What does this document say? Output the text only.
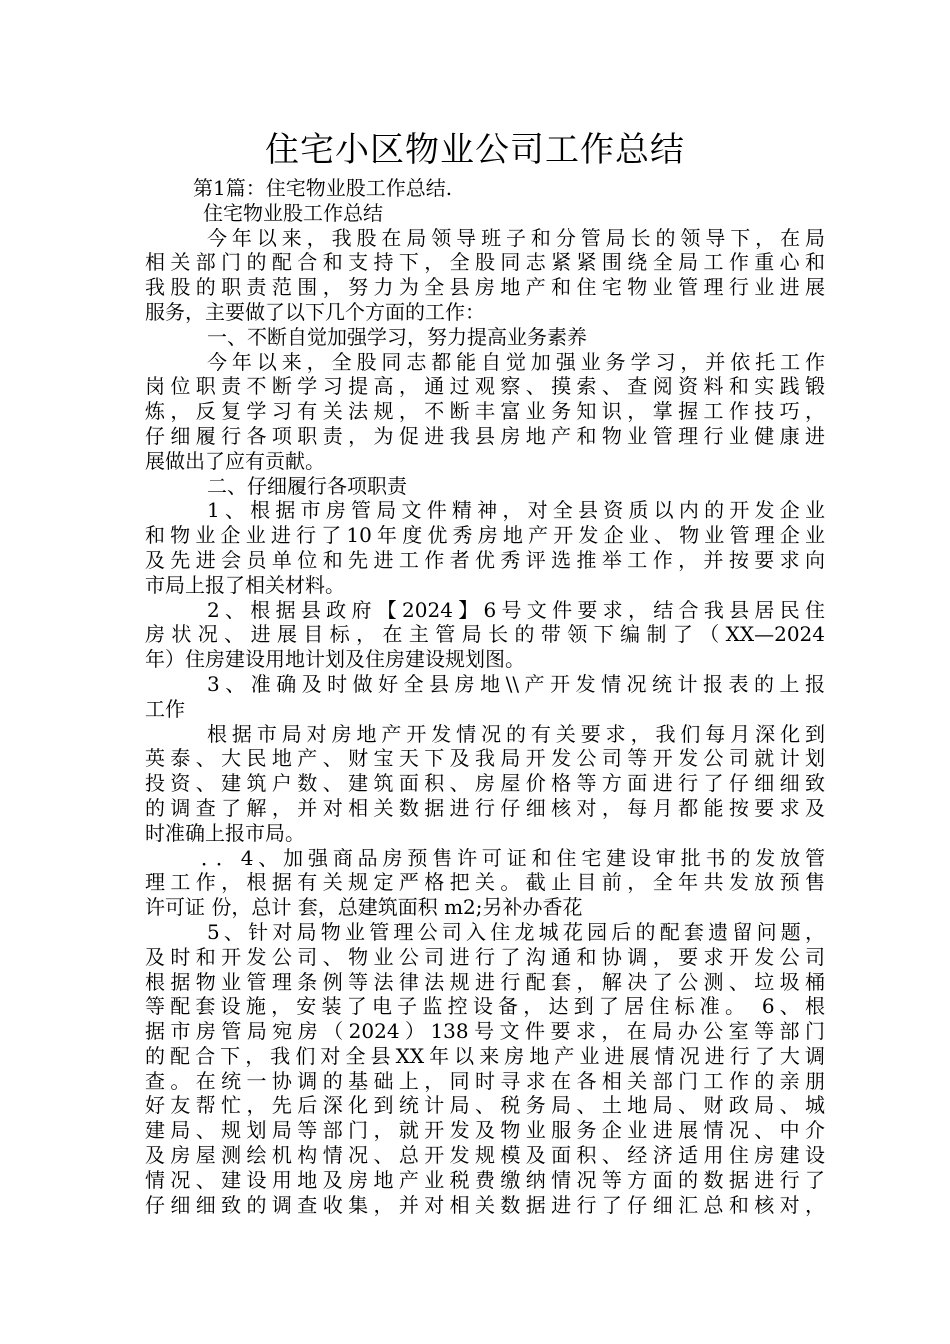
住宅小区物业公司工作总结
第1篇：住宅物业股工作总结.
住宅物业股工作总结
今年以来，我股在局领导班子和分管局长的领导下，在局
相关部门的配合和支持下，全股同志紧紧围绕全局工作重心和
我股的职责范围，努力为全县房地产和住宅物业管理行业进展
服务，主要做了以下几个方面的工作：
一、不断自觉加强学习，努力提高业务素养
今年以来，全股同志都能自觉加强业务学习，并依托工作
岗位职责不断学习提高，通过观察、摸索、查阅资料和实践锻
炼，反复学习有关法规，不断丰富业务知识，掌握工作技巧，
仔细履行各项职责，为促进我县房地产和物业管理行业健康进
展做出了应有贡献。
二、仔细履行各项职责
1、根据市房管局文件精神，对全县资质以内的开发企业
和物业企业进行了10年度优秀房地产开发企业、物业管理企业
及先进会员单位和先进工作者优秀评选推举工作，并按要求向
市局上报了相关材料。
2、根据县政府【2024】6号文件要求，结合我县居民住
房状况、进展目标，在主管局长的带领下编制了（XX—2024
年）住房建设用地计划及住房建设规划图。
3、准确及时做好全县房地\\产开发情况统计报表的上报
工作
根据市局对房地产开发情况的有关要求，我们每月深化到
英泰、大民地产、财宝天下及我局开发公司等开发公司就计划
投资、建筑户数、建筑面积、房屋价格等方面进行了仔细细致
的调查了解，并对相关数据进行仔细核对，每月都能按要求及
时准确上报市局。
．．4、加强商品房预售许可证和住宅建设审批书的发放管
理工作，根据有关规定严格把关。截止目前，全年共发放预售
许可证 份，总计 套，总建筑面积 m2;另补办香花
5、针对局物业管理公司入住龙城花园后的配套遗留问题，
及时和开发公司、物业公司进行了沟通和协调，要求开发公司
根据物业管理条例等法律法规进行配套，解决了公测、垃圾桶
等配套设施，安装了电子监控设备，达到了居住标准。 6、根
据市房管局宛房（2024）138号文件要求，在局办公室等部门
的配合下，我们对全县XX年以来房地产业进展情况进行了大调
查。在统一协调的基础上，同时寻求在各相关部门工作的亲朋
好友帮忙，先后深化到统计局、税务局、土地局、财政局、城
建局、规划局等部门，就开发及物业服务企业进展情况、中介
及房屋测绘机构情况、总开发规模及面积、经济适用住房建设
情况、建设用地及房地产业税费缴纳情况等方面的数据进行了
仔细细致的调查收集，并对相关数据进行了仔细汇总和核对，
